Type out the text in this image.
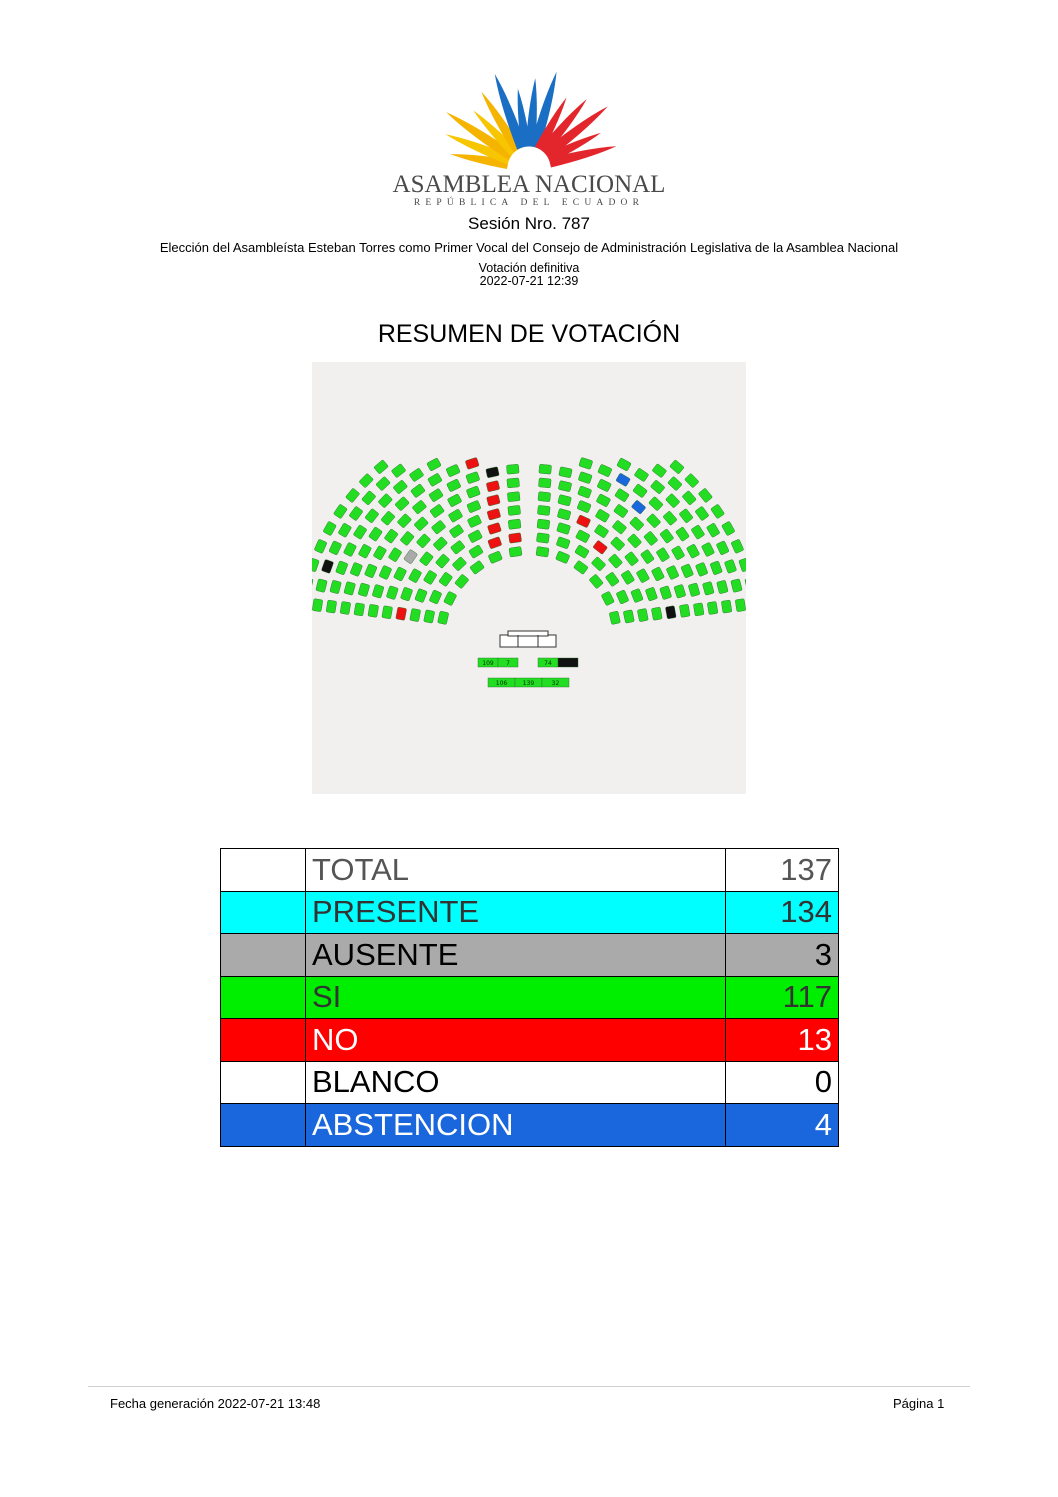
ASAMBLEA NACIONAL
REPÚBLICA DEL ECUADOR
Sesión Nro. 787
Elección del Asambleísta Esteban Torres como Primer Vocal del Consejo de Administración Legislativa de la Asamblea Nacional
Votación definitiva
2022-07-21 12:39
RESUMEN DE VOTACIÓN
109 7	74
106	139	32
	TOTAL	137
	PRESENTE	134
	AUSENTE	3
	SI	117
	NO	13
	BLANCO	0
	ABSTENCION	4
Fecha generación 2022-07-21 13:48	Página 1
